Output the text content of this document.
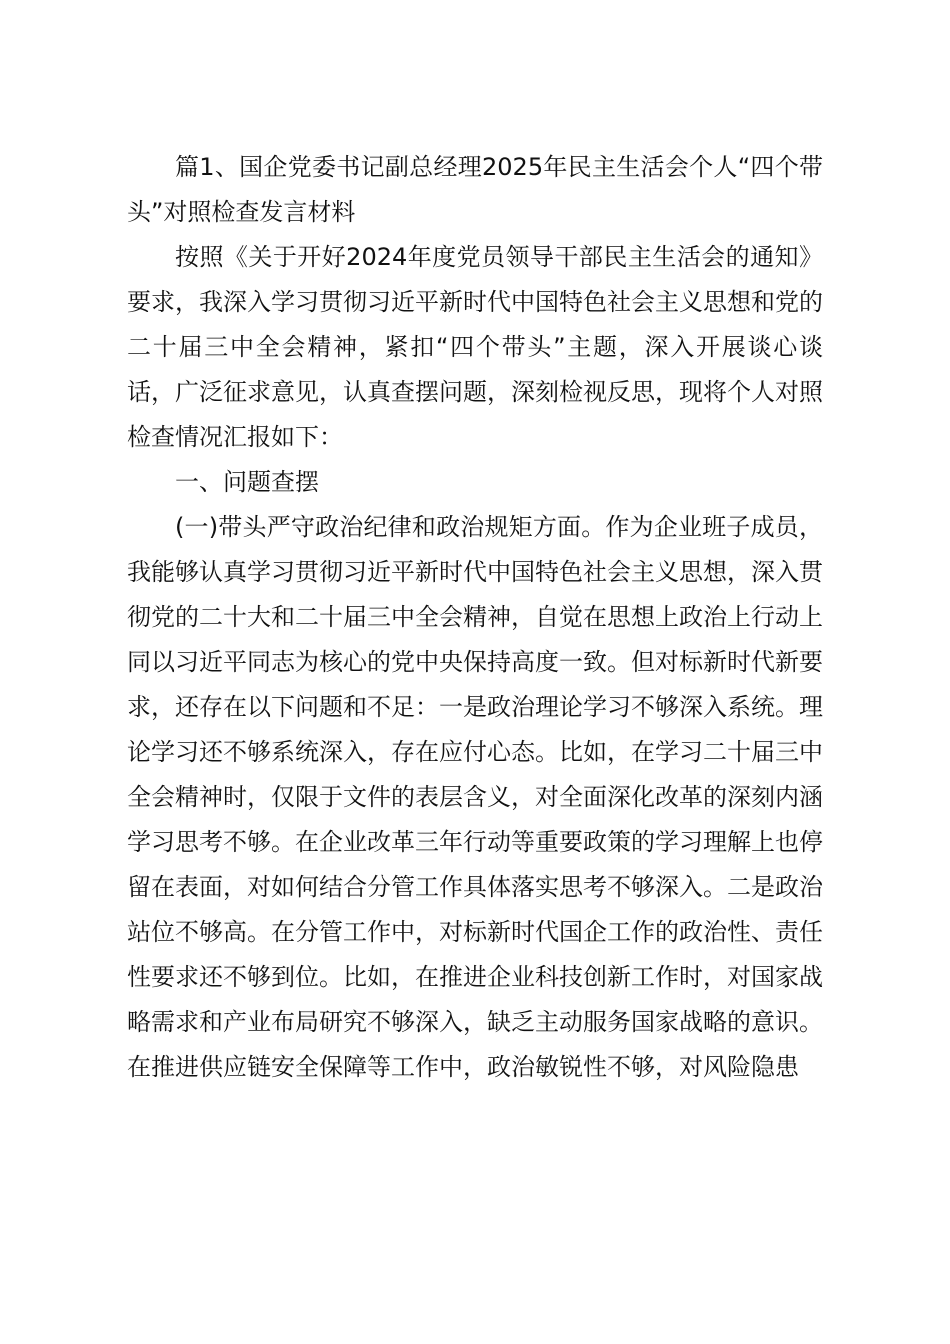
篇1、国企党委书记副总经理2025年民主生活会个人“四个带头”对照检查发言材料

按照《关于开好2024年度党员领导干部民主生活会的通知》要求，我深入学习贯彻习近平新时代中国特色社会主义思想和党的二十届三中全会精神，紧扣“四个带头”主题，深入开展谈心谈话，广泛征求意见，认真查摆问题，深刻检视反思，现将个人对照检查情况汇报如下：

一、问题查摆

(一)带头严守政治纪律和政治规矩方面。作为企业班子成员，我能够认真学习贯彻习近平新时代中国特色社会主义思想，深入贯彻党的二十大和二十届三中全会精神，自觉在思想上政治上行动上同以习近平同志为核心的党中央保持高度一致。但对标新时代新要求，还存在以下问题和不足：一是政治理论学习不够深入系统。理论学习还不够系统深入，存在应付心态。比如，在学习二十届三中全会精神时，仅限于文件的表层含义，对全面深化改革的深刻内涵学习思考不够。在企业改革三年行动等重要政策的学习理解上也停留在表面，对如何结合分管工作具体落实思考不够深入。二是政治站位不够高。在分管工作中，对标新时代国企工作的政治性、责任性要求还不够到位。比如，在推进企业科技创新工作时，对国家战略需求和产业布局研究不够深入，缺乏主动服务国家战略的意识。在推进供应链安全保障等工作中，政治敏锐性不够，对风险隐患
